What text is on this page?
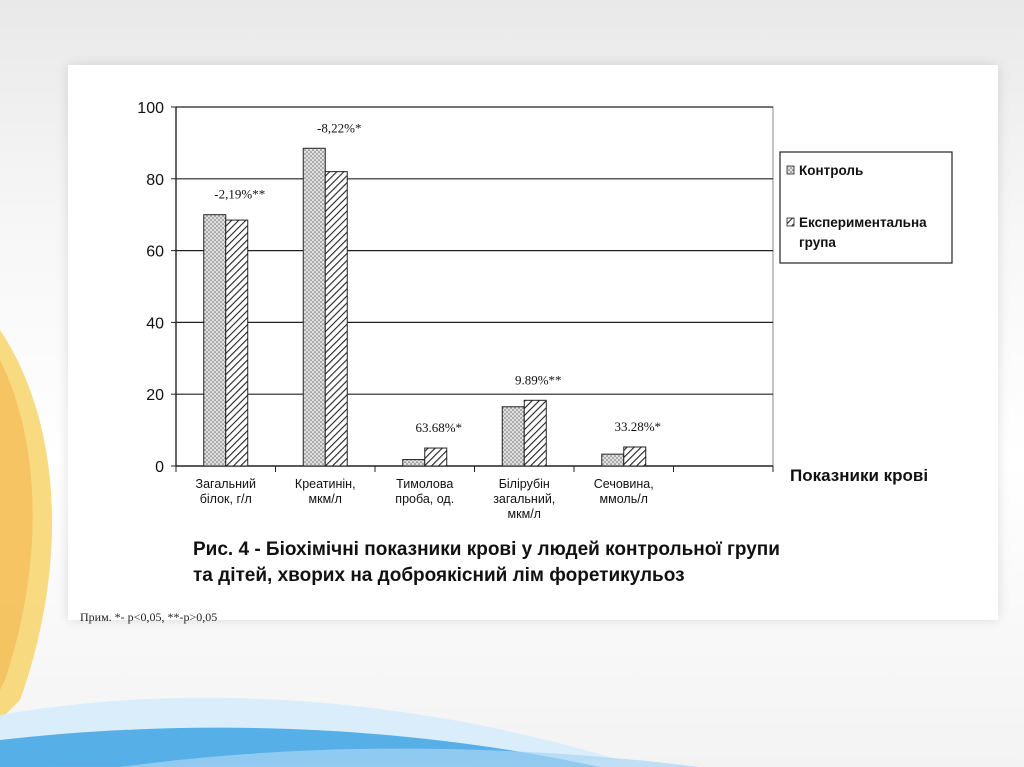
0
20
40
60
80
100
-2,19%**
Загальний
білок, г/л
-8,22%*
Креатинін,
мкм/л
63.68%*
Тимолова
проба, од.
9.89%**
Білірубін
загальний,
мкм/л
33.28%*
Сечовина,
ммоль/л
Показники крові
Контроль
Експериментальна
група
Рис. 4 - Біохімічні показники крові у людей контрольної групи
та дітей, хворих на доброякісний лім форетикульоз
Прим. *- р<0,05, **-р>0,05
